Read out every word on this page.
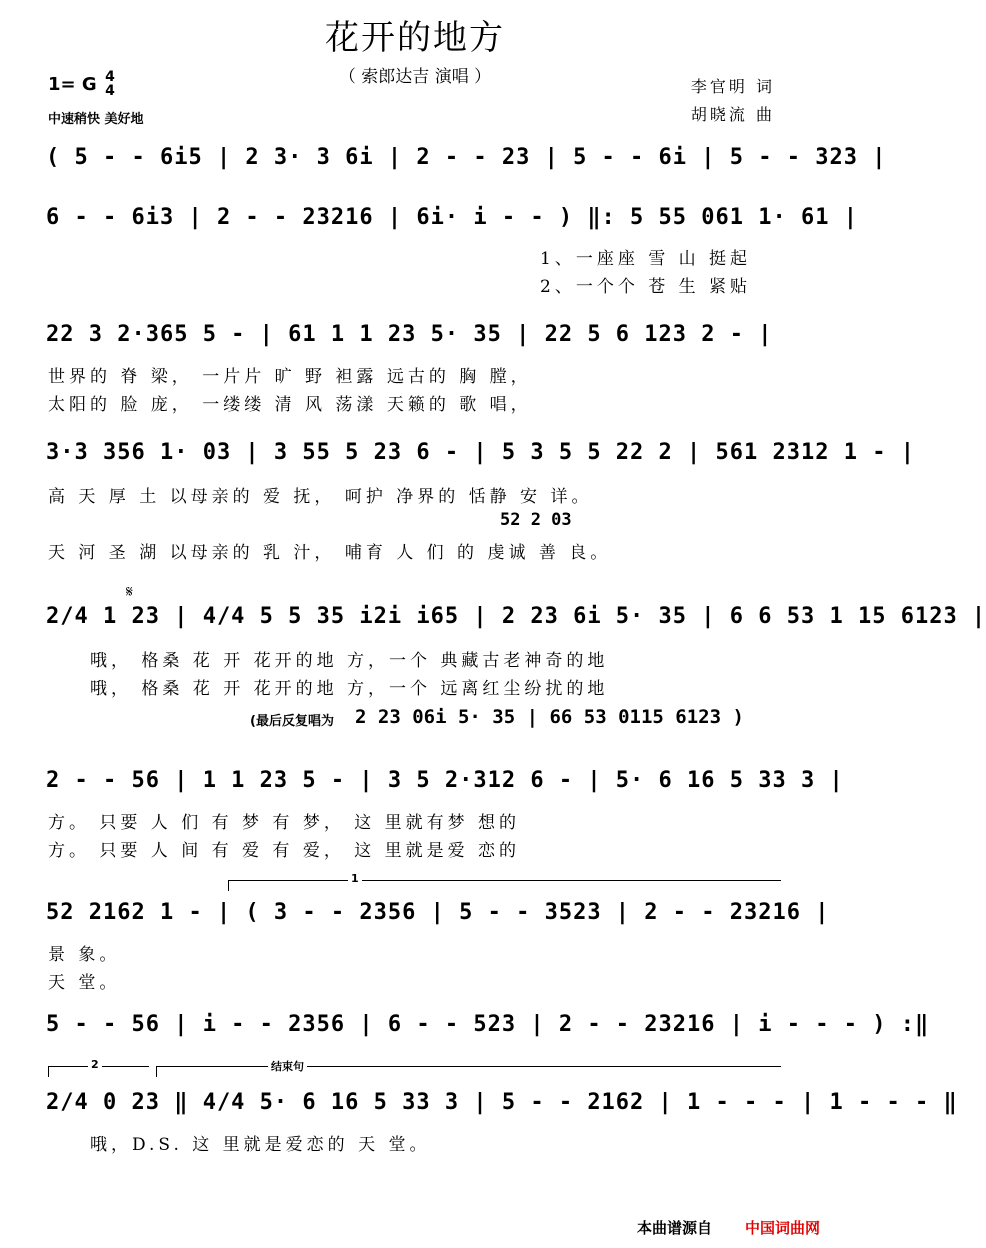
花开的地方
（ 索郎达吉 演唱 ）
1= G 4
4
中速稍快 美好地
李官明 词
胡晓流 曲
( 5 - - 6i5 | 2 3· 3 6i | 2 - - 23 | 5 - - 6i | 5 - - 323 |
6 - - 6i3 | 2 - - 23216 | 6i· i - - ) ‖: 5 55 061 1· 61 |
1、一座座 雪 山 挺起
2、一个个 苍 生 紧贴
22 3 2·365 5 - | 61 1 1 23 5· 35 | 22 5 6 123 2 - |
世界的 脊 梁， 一片片 旷 野 袒露 远古的 胸 膛，
太阳的 脸 庞， 一缕缕 清 风 荡漾 天籁的 歌 唱，
3·3 356 1· 03 | 3 55 5 23 6 - | 5 3 5 5 22 2 | 561 2312 1 - |
高 天 厚 土 以母亲的 爱 抚， 呵护 净界的 恬静 安 详。
52 2 03
天 河 圣 湖 以母亲的 乳 汁， 哺育 人 们 的 虔诚 善 良。
𝄋
2/4 1 23 | 4/4 5 5 35 i2i i65 | 2 23 6i 5· 35 | 6 6 53 1 15 6123 |
哦， 格桑 花 开 花开的地 方，一个 典藏古老神奇的地
哦， 格桑 花 开 花开的地 方，一个 远离红尘纷扰的地
(最后反复唱为 2 23 06i 5· 35 | 66 53 0115 6123 )
2 - - 56 | 1 1 23 5 - | 3 5 2·312 6 - | 5· 6 16 5 33 3 |
方。 只要 人 们 有 梦 有 梦， 这 里就有梦 想的
方。 只要 人 间 有 爱 有 爱， 这 里就是爱 恋的
1
52 2162 1 - | ( 3 - - 2356 | 5 - - 3523 | 2 - - 23216 |
景 象。
天 堂。
5 - - 56 | i - - 2356 | 6 - - 523 | 2 - - 23216 | i - - - ) :‖
2	结束句
2/4 0 23 ‖ 4/4 5· 6 16 5 33 3 | 5 - - 2162 | 1 - - - | 1 - - - ‖
哦，D.S. 这 里就是爱恋的 天 堂。
本曲谱源自 中国词曲网
